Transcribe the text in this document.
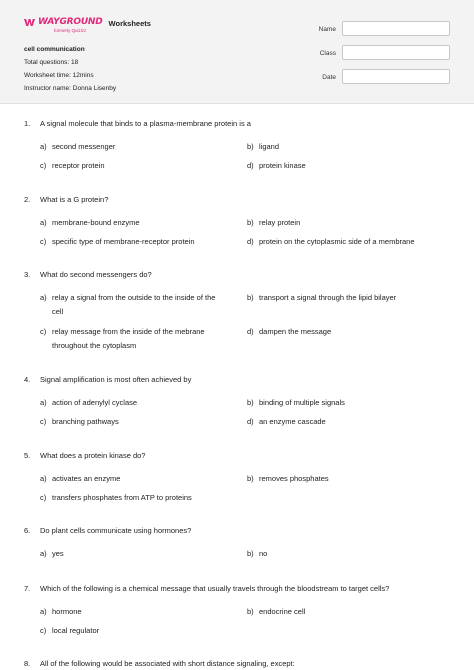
WAYGROUND
formerly Quizizz
Worksheets
cell communication
Total questions: 18
Worksheet time: 12mins
Instructor name: Donna Lisenby
Name
Class
Date
1. A signal molecule that binds to a plasma-membrane protein is a
a) second messenger	b) ligand
c) receptor protein	d) protein kinase
2. What is a G protein?
a) membrane-bound enzyme	b) relay protein
c) specific type of membrane-receptor protein	d) protein on the cytoplasmic side of a membrane
3. What do second messengers do?
a) relay a signal from the outside to the inside of the cell
b) transport a signal through the lipid bilayer
c) relay message from the inside of the mebrane throughout the cytoplasm
d) dampen the message
4. Signal amplification is most often achieved by
a) action of adenylyl cyclase	b) binding of multiple signals
c) branching pathways	d) an enzyme cascade
5. What does a protein kinase do?
a) activates an enzyme	b) removes phosphates
c) transfers phosphates from ATP to proteins
6. Do plant cells communicate using hormones?
a) yes	b) no
7. Which of the following is a chemical message that usually travels through the bloodstream to target cells?
a) hormone	b) endocrine cell
c) local regulator
8. All of the following would be associated with short distance signaling, except:
